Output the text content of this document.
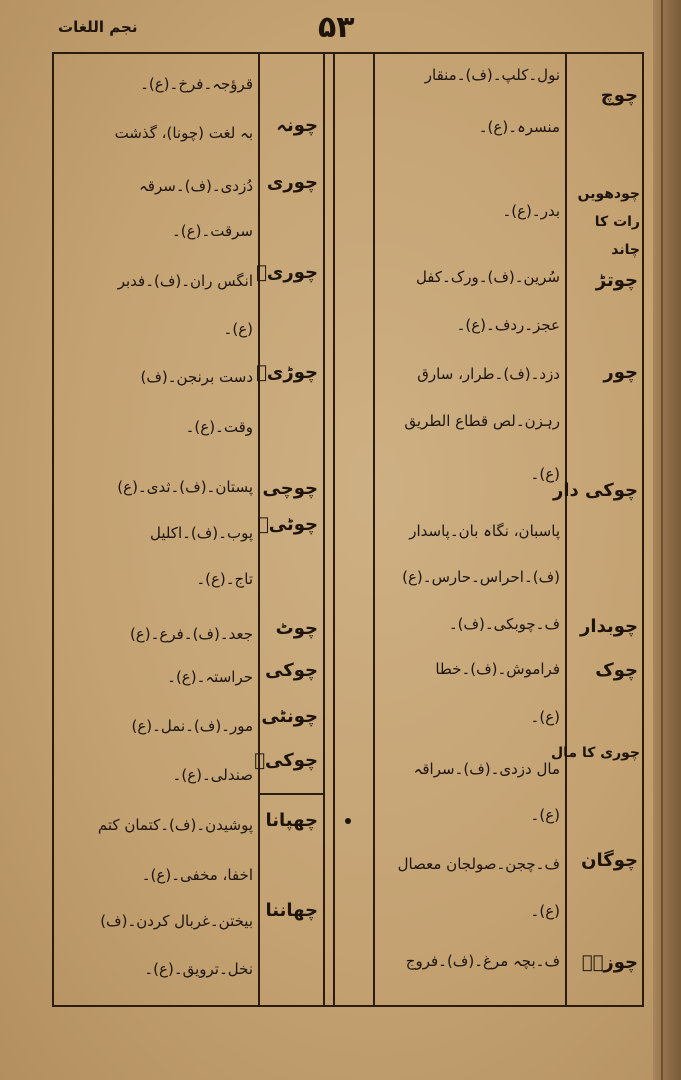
نجم اللغات	۵۳
چونہ
چوری
چوریؔ
چوڑیؔ
چوچی
چوٹیؔ
چوٹ
چوکی
چونٹی
چوکیؔ
چھپانا
چھاننا
قرؤجہ۔فرخ۔(ع)۔
بہ لغت (چونا)، گذشت
دُزدی۔(ف)۔سرقہ
سرقت۔(ع)۔
انگس ران۔(ف)۔فدبر
(ع)۔
دست برنجن۔(ف)
وقت۔(ع)۔
پستان۔(ف)۔ثدی۔(ع)
پوب۔(ف)۔اکلیل
تاج۔(ع)۔
جعد۔(ف)۔فرع۔(ع)
حراستہ۔(ع)۔
مور۔(ف)۔نمل۔(ع)
صندلی۔(ع)۔
پوشیدن۔(ف)۔کتمان کتم
اخفا، مخفی۔(ع)۔
بیختن۔غربال کردن۔(ف)
نخل۔ترویق۔(ع)۔
چوچ
چودھویں رات کا چاند
چوتڑ
چور
چوکی دار
چوبدار
چوک
چوری کا مال
چوگان
چوزہؔ
نول۔کلپ۔(ف)۔منقار
منسرہ۔(ع)۔
بدر۔(ع)۔
سُرین۔(ف)۔ورک۔کفل
عجز۔ردف۔(ع)۔
دزد۔(ف)۔طرار، سارق
رہزن۔لص قطاع الطریق
(ع)۔
پاسبان، نگاہ بان۔پاسدار
(ف)۔احراس۔حارس۔(ع)
ف۔چوبکی۔(ف)۔
فراموش۔(ف)۔خطا
(ع)۔
مال دزدی۔(ف)۔سراقہ
(ع)۔
ف۔چجن۔صولجان معصال
(ع)۔
ف۔بچہ مرغ۔(ف)۔فروج
